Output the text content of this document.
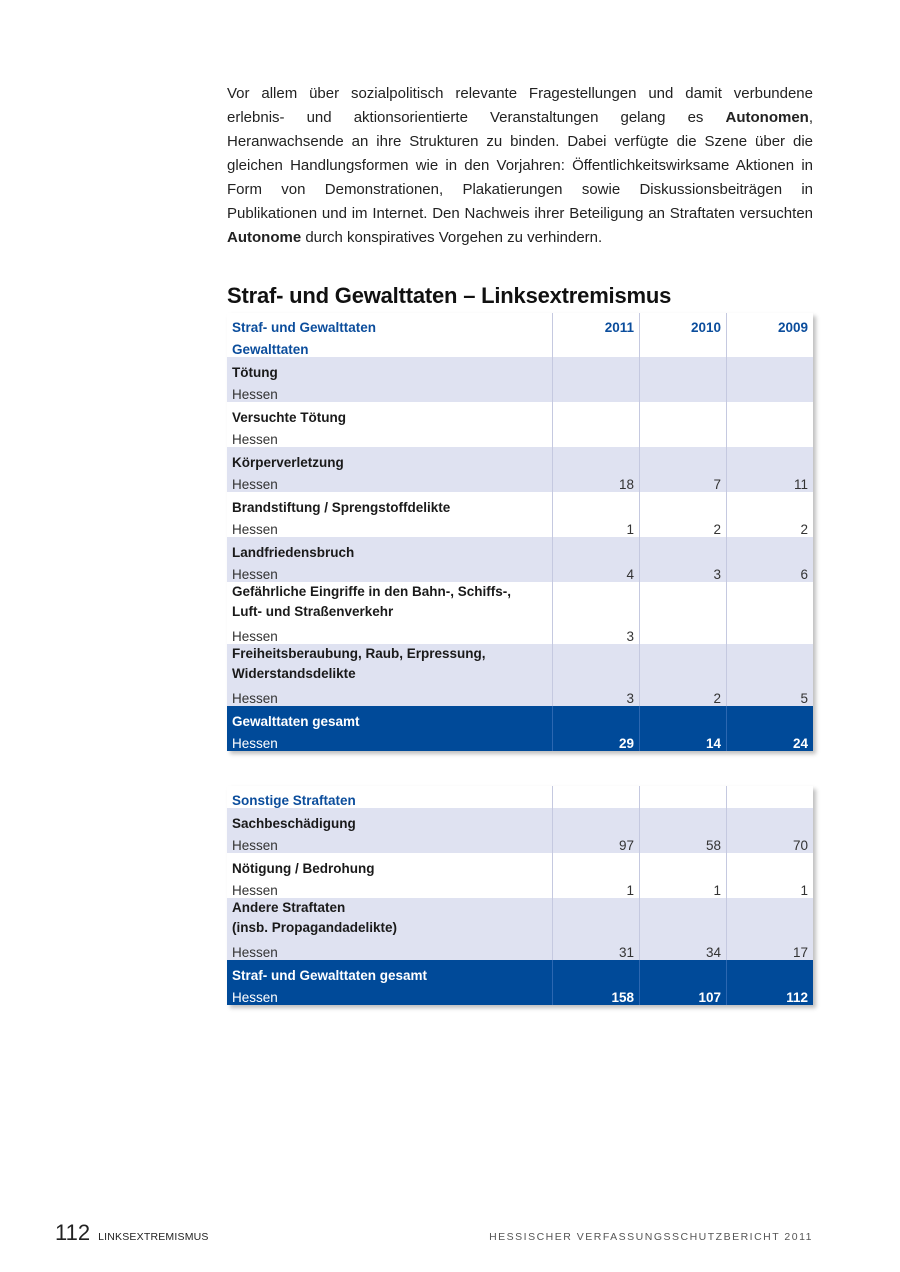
Vor allem über sozialpolitisch relevante Fragestellungen und damit verbundene erlebnis- und aktionsorientierte Veranstaltungen gelang es Autonomen, Heranwachsende an ihre Strukturen zu binden. Dabei verfügte die Szene über die gleichen Handlungsformen wie in den Vorjahren: Öffentlichkeitswirksame Aktionen in Form von Demonstrationen, Plakatierungen sowie Diskussionsbeiträgen in Publikationen und im Internet. Den Nachweis ihrer Beteiligung an Straftaten versuchten Autonome durch konspiratives Vorgehen zu verhindern.

Straf- und Gewalttaten – Linksextremismus
Straf- und Gewalttaten	2011	2010	2009
Gewalttaten			
Tötung			
Hessen			
Versuchte Tötung			
Hessen			
Körperverletzung			
Hessen	18	7	11
Brandstiftung / Sprengstoffdelikte			
Hessen	1	2	2
Landfriedensbruch			
Hessen	4	3	6
Gefährliche Eingriffe in den Bahn-, Schiffs-,
Luft- und Straßenverkehr			
Hessen	3		
Freiheitsberaubung, Raub, Erpressung,
Widerstandsdelikte			
Hessen	3	2	5
Gewalttaten gesamt			
Hessen	29	14	24
Sonstige Straftaten			
Sachbeschädigung			
Hessen	97	58	70
Nötigung / Bedrohung			
Hessen	1	1	1
Andere Straftaten
(insb. Propagandadelikte)			
Hessen	31	34	17
Straf- und Gewalttaten gesamt			
Hessen	158	107	112
112 LINKSEXTREMISMUS	HESSISCHER VERFASSUNGSSCHUTZBERICHT 2011
